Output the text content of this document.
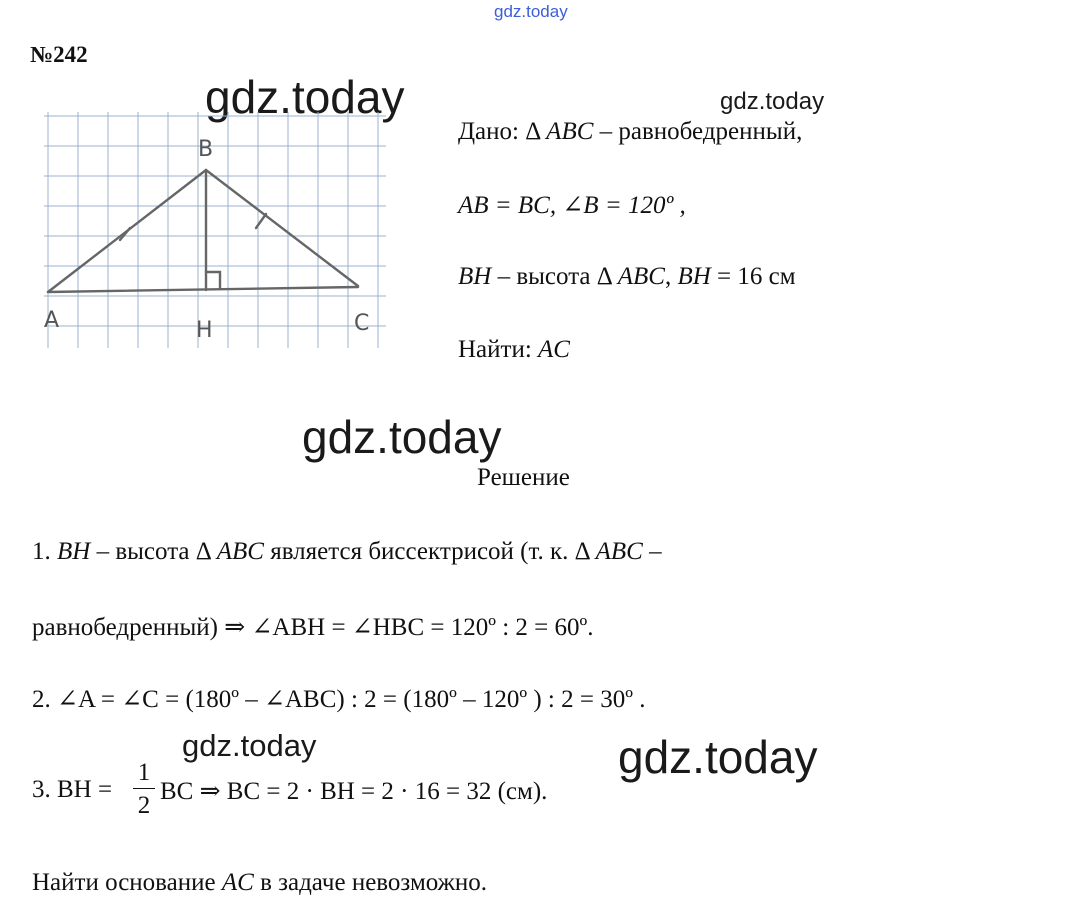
gdz.today
№242
gdz.today	gdz.today
B
A	H	C
Дано: Δ ABC – равнобедренный,
AB = BC, ∠B = 120º ,
BH – высота Δ ABC, BH = 16 см
Найти: AC
gdz.today
Решение
1. BH – высота Δ ABC является биссектрисой (т. к. Δ ABC –
равнобедренный) ⇒ ∠ABH = ∠HBC = 120º : 2 = 60º.
2. ∠A = ∠C = (180º – ∠ABC) : 2 = (180º – 120º ) : 2 = 30º .
gdz.today	gdz.today
3. BH =
1
2
BC ⇒ BC = 2 · BH = 2 · 16 = 32 (см).
Найти основание AC в задаче невозможно.
